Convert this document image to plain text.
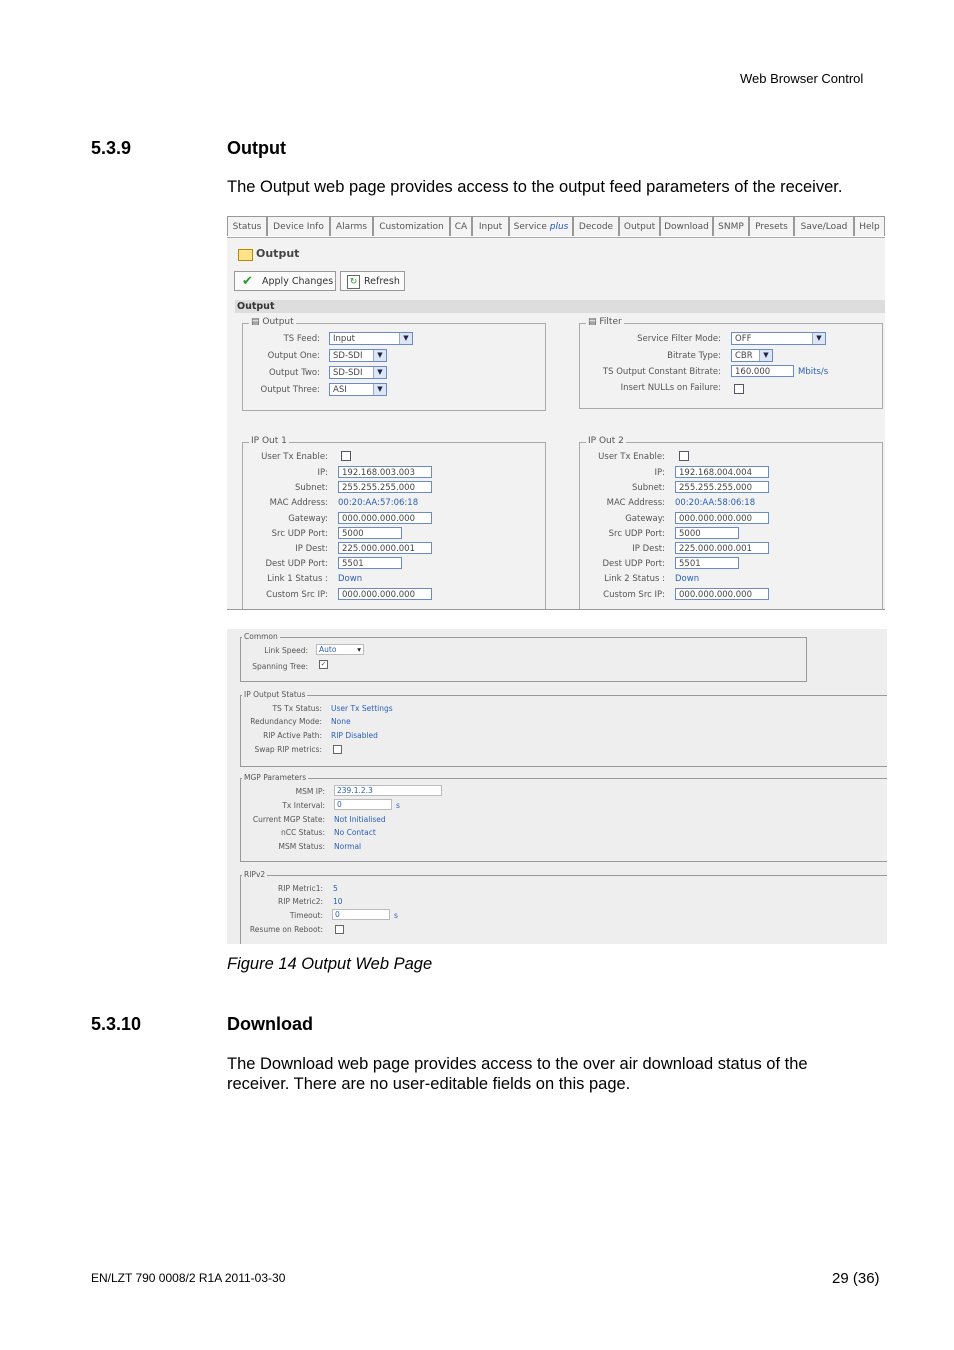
Web Browser Control
5.3.9	Output
The Output web page provides access to the output feed parameters of the receiver.
Status	Device Info	Alarms	Customization	CA	Input	Service plus	Decode	Output	Download	SNMP	Presets	Save/Load	Help
Output
✔ Apply Changes	↻ Refresh
Output
▤ Output
TS Feed:	Input	▼
Output One:	SD-SDI	▼
Output Two:	SD-SDI	▼
Output Three:	ASI	▼
▤ Filter
Service Filter Mode:	OFF	▼
Bitrate Type:	CBR	▼
TS Output Constant Bitrate:	160.000	Mbits/s
Insert NULLs on Failure:
IP Out 1
User Tx Enable:
IP:	192.168.003.003
Subnet:	255.255.255.000
MAC Address: 00:20:AA:57:06:18
Gateway:	000.000.000.000
Src UDP Port:	5000
IP Dest:	225.000.000.001
Dest UDP Port:	5501
Link 1 Status : Down
Custom Src IP:	000.000.000.000
IP Out 2
User Tx Enable:
IP:	192.168.004.004
Subnet:	255.255.255.000
MAC Address: 00:20:AA:58:06:18
Gateway:	000.000.000.000
Src UDP Port:	5000
IP Dest:	225.000.000.001
Dest UDP Port:	5501
Link 2 Status : Down
Custom Src IP:	000.000.000.000
Common
Link Speed:	Auto	▾
Spanning Tree: ✓
IP Output Status
TS Tx Status: User Tx Settings
Redundancy Mode: None
RIP Active Path: RIP Disabled
Swap RIP metrics:
MGP Parameters
MSM IP:	239.1.2.3
Tx Interval:	0	s
Current MGP State: Not Initialised
nCC Status: No Contact
MSM Status: Normal
RIPv2
RIP Metric1: 5
RIP Metric2: 10
Timeout:	0	s
Resume on Reboot:
Figure 14 Output Web Page
5.3.10	Download
The Download web page provides access to the over air download status of the
receiver. There are no user-editable fields on this page.
EN/LZT 790 0008/2 R1A 2011-03-30	29 (36)
